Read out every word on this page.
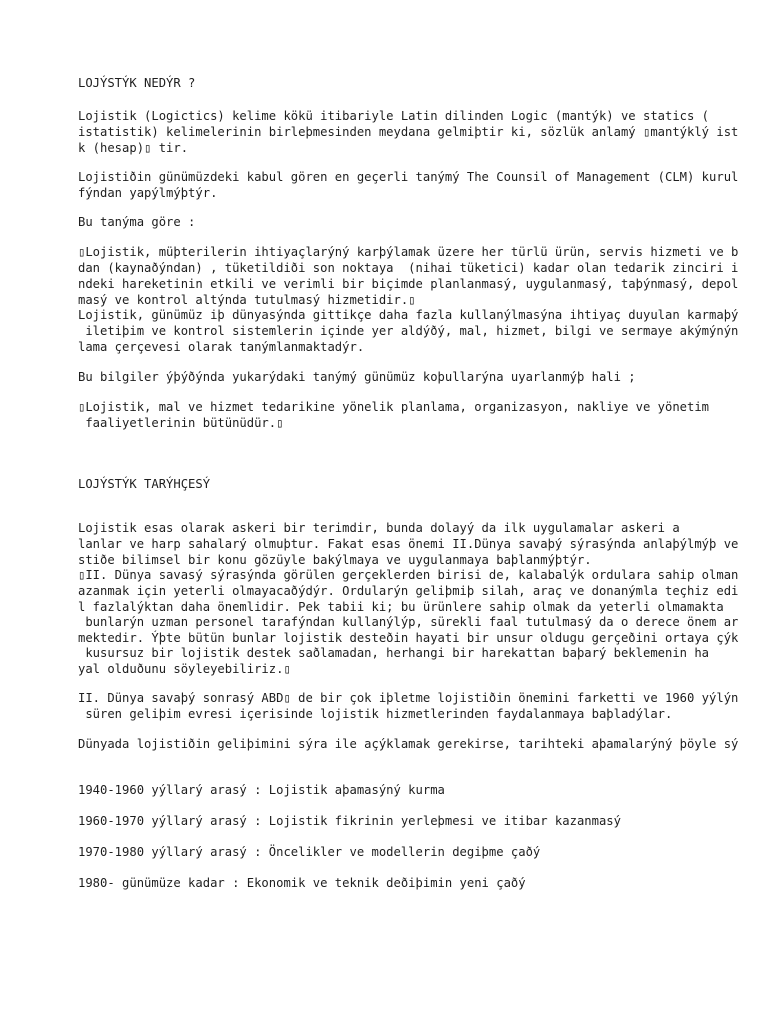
LOJÝSTÝK NEDÝR ?

Lojistik (Logictics) kelime kökü itibariyle Latin dilinden Logic (mantýk) ve statics (

istatistik) kelimelerinin birleþmesinden meydana gelmiþtir ki, sözlük anlamý ▯mantýklý ist

k (hesap)▯ tir.

Lojistiðin günümüzdeki kabul gören en geçerli tanýmý The Counsil of Management (CLM) kurul

fýndan yapýlmýþtýr.

Bu tanýma göre :

▯Lojistik, müþterilerin ihtiyaçlarýný karþýlamak üzere her türlü ürün, servis hizmeti ve b

dan (kaynaðýndan) , tüketildiði son noktaya  (nihai tüketici) kadar olan tedarik zinciri i

ndeki hareketinin etkili ve verimli bir biçimde planlanmasý, uygulanmasý, taþýnmasý, depol

masý ve kontrol altýnda tutulmasý hizmetidir.▯

Lojistik, günümüz iþ dünyasýnda gittikçe daha fazla kullanýlmasýna ihtiyaç duyulan karmaþý

iletiþim ve kontrol sistemlerin içinde yer aldýðý, mal, hizmet, bilgi ve sermaye akýmýnýn

lama çerçevesi olarak tanýmlanmaktadýr.

Bu bilgiler ýþýðýnda yukarýdaki tanýmý günümüz koþullarýna uyarlanmýþ hali ;

▯Lojistik, mal ve hizmet tedarikine yönelik planlama, organizasyon, nakliye ve yönetim

faaliyetlerinin bütünüdür.▯

LOJÝSTÝK TARÝHÇESÝ

Lojistik esas olarak askeri bir terimdir, bunda dolayý da ilk uygulamalar askeri a

lanlar ve harp sahalarý olmuþtur. Fakat esas önemi II.Dünya savaþý sýrasýnda anlaþýlmýþ ve

stiðe bilimsel bir konu gözüyle bakýlmaya ve uygulanmaya baþlanmýþtýr.

▯II. Dünya savasý sýrasýnda görülen gerçeklerden birisi de, kalabalýk ordulara sahip olman

azanmak için yeterli olmayacaðýdýr. Ordularýn geliþmiþ silah, araç ve donanýmla teçhiz edi

l fazlalýktan daha önemlidir. Pek tabii ki; bu ürünlere sahip olmak da yeterli olmamakta

bunlarýn uzman personel tarafýndan kullanýlýp, sürekli faal tutulmasý da o derece önem ar

mektedir. Ýþte bütün bunlar lojistik desteðin hayati bir unsur oldugu gerçeðini ortaya çýk

kusursuz bir lojistik destek saðlamadan, herhangi bir harekattan baþarý beklemenin ha

yal olduðunu söyleyebiliriz.▯

II. Dünya savaþý sonrasý ABD▯ de bir çok iþletme lojistiðin önemini farketti ve 1960 yýlýn

süren geliþim evresi içerisinde lojistik hizmetlerinden faydalanmaya baþladýlar.

Dünyada lojistiðin geliþimini sýra ile açýklamak gerekirse, tarihteki aþamalarýný þöyle sý

1940-1960 yýllarý arasý : Lojistik aþamasýný kurma

1960-1970 yýllarý arasý : Lojistik fikrinin yerleþmesi ve itibar kazanmasý

1970-1980 yýllarý arasý : Öncelikler ve modellerin degiþme çaðý

1980- günümüze kadar : Ekonomik ve teknik deðiþimin yeni çaðý
